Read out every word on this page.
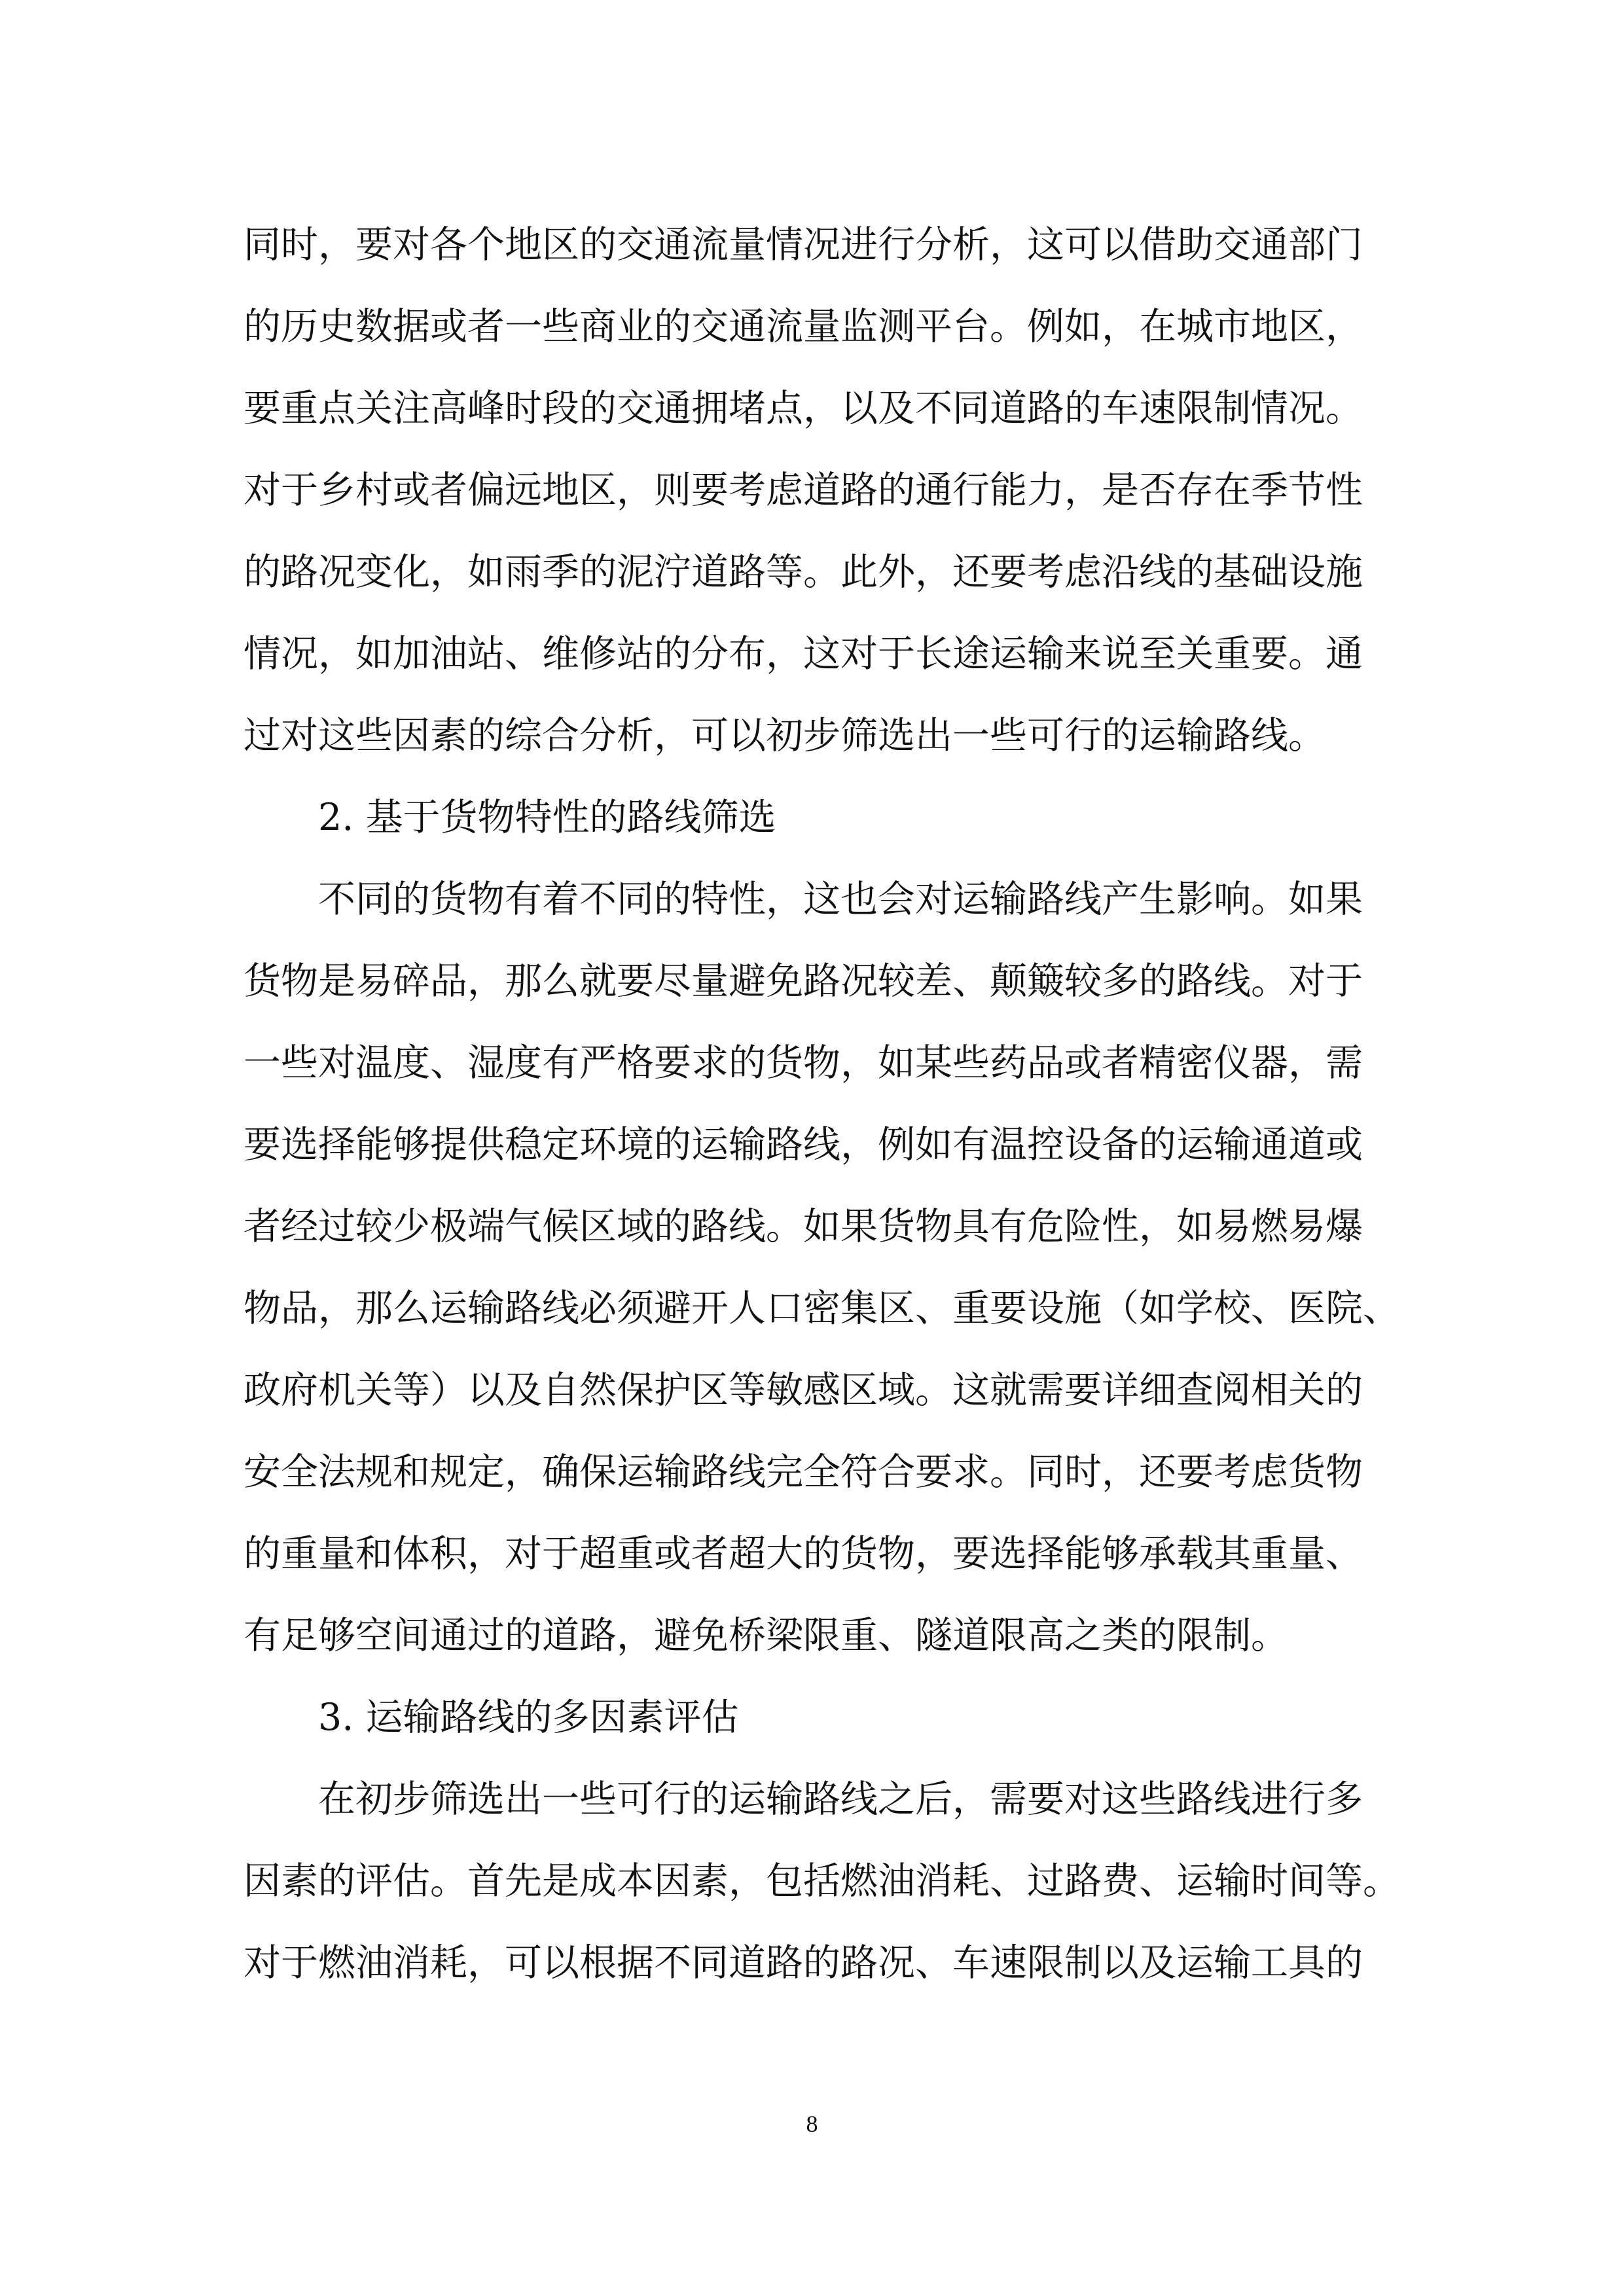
同时，要对各个地区的交通流量情况进行分析，这可以借助交通部门
的历史数据或者一些商业的交通流量监测平台。例如，在城市地区，
要重点关注高峰时段的交通拥堵点，以及不同道路的车速限制情况。
对于乡村或者偏远地区，则要考虑道路的通行能力，是否存在季节性
的路况变化，如雨季的泥泞道路等。此外，还要考虑沿线的基础设施
情况，如加油站、维修站的分布，这对于长途运输来说至关重要。通
过对这些因素的综合分析，可以初步筛选出一些可行的运输路线。
2. 基于货物特性的路线筛选
不同的货物有着不同的特性，这也会对运输路线产生影响。如果
货物是易碎品，那么就要尽量避免路况较差、颠簸较多的路线。对于
一些对温度、湿度有严格要求的货物，如某些药品或者精密仪器，需
要选择能够提供稳定环境的运输路线，例如有温控设备的运输通道或
者经过较少极端气候区域的路线。如果货物具有危险性，如易燃易爆
物品，那么运输路线必须避开人口密集区、重要设施（如学校、医院、
政府机关等）以及自然保护区等敏感区域。这就需要详细查阅相关的
安全法规和规定，确保运输路线完全符合要求。同时，还要考虑货物
的重量和体积，对于超重或者超大的货物，要选择能够承载其重量、
有足够空间通过的道路，避免桥梁限重、隧道限高之类的限制。
3. 运输路线的多因素评估
在初步筛选出一些可行的运输路线之后，需要对这些路线进行多
因素的评估。首先是成本因素，包括燃油消耗、过路费、运输时间等。
对于燃油消耗，可以根据不同道路的路况、车速限制以及运输工具的
8
